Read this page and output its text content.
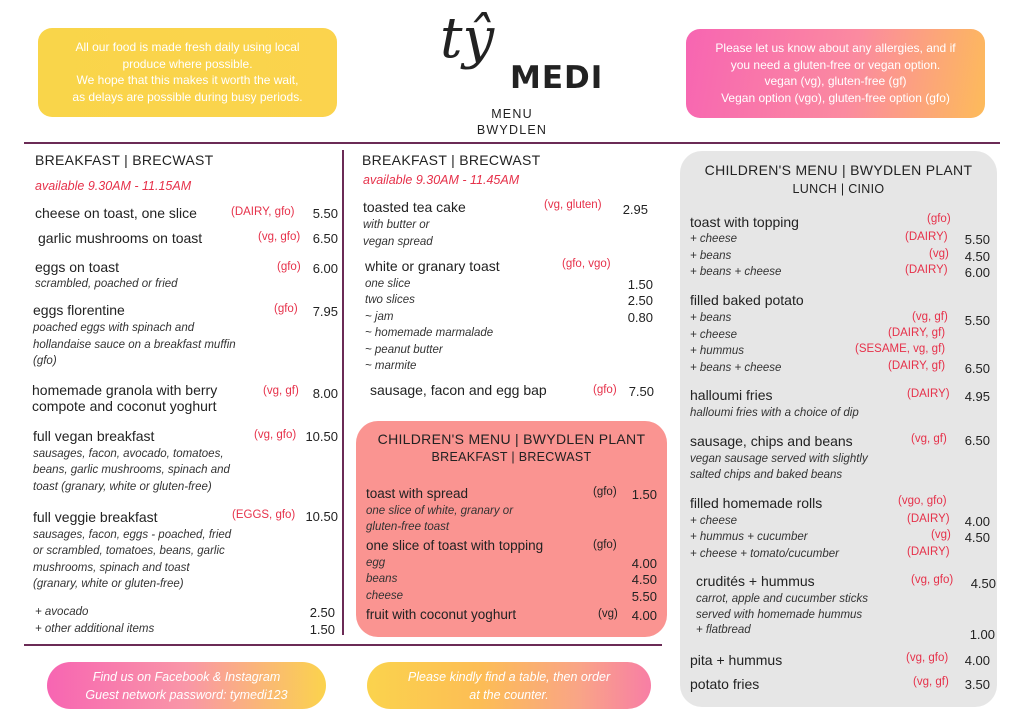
All our food is made fresh daily using local
produce where possible.
We hope that this makes it worth the wait,
as delays are possible during busy periods.
Please let us know about any allergies, and if
you need a gluten-free or vegan option.
vegan (vg), gluten-free (gf)
Vegan option (vgo), gluten-free option (gfo)
tŷ
MEDI
MENU
BWYDLEN
BREAKFAST | BRECWAST
available 9.30AM - 11.15AM
cheese on toast, one slice	(DAIRY, gfo)	5.50
garlic mushrooms on toast	(vg, gfo) 6.50
eggs on toast	(gfo) 6.00
scrambled, poached or fried
eggs florentine	(gfo)	7.95
poached eggs with spinach and
hollandaise sauce on a breakfast muffin
(gfo)
homemade granola with berry
compote and coconut yoghurt
(vg, gf)	8.00
full vegan breakfast	(vg, gfo) 10.50
sausages, facon, avocado, tomatoes,
beans, garlic mushrooms, spinach and
toast (granary, white or gluten-free)
full veggie breakfast	(EGGS, gfo) 10.50
sausages, facon, eggs - poached, fried
or scrambled, tomatoes, beans, garlic
mushrooms, spinach and toast
(granary, white or gluten-free)
+ avocado	2.50
+ other additional items	1.50
BREAKFAST | BRECWAST
available 9.30AM - 11.45AM
toasted tea cake	(vg, gluten)	2.95
with butter or
vegan spread
white or granary toast	(gfo, vgo)
one slice	1.50
two slices	2.50
~ jam	0.80
~ homemade marmalade
~ peanut butter
~ marmite
sausage, facon and egg bap	(gfo) 7.50
CHILDREN'S MENU | BWYDLEN PLANT
BREAKFAST | BRECWAST
toast with spread	(gfo)	1.50
one slice of white, granary or
gluten-free toast
one slice of toast with topping	(gfo)
egg	4.00
beans	4.50
cheese	5.50
fruit with coconut yoghurt	(vg)	4.00
CHILDREN'S MENU | BWYDLEN PLANT
LUNCH | CINIO
toast with topping	(gfo)
+ cheese	(DAIRY)	5.50
+ beans	(vg)	4.50
+ beans + cheese	(DAIRY)	6.00
filled baked potato
+ beans	(vg, gf)	5.50
+ cheese	(DAIRY, gf)
+ hummus	(SESAME, vg, gf)
+ beans + cheese	(DAIRY, gf)	6.50
halloumi fries	(DAIRY)	4.95
halloumi fries with a choice of dip
sausage, chips and beans	(vg, gf)	6.50
vegan sausage served with slightly
salted chips and baked beans
filled homemade rolls	(vgo, gfo)
+ cheese	(DAIRY)	4.00
+ hummus + cucumber	(vg)	4.50
+ cheese + tomato/cucumber	(DAIRY)
crudités + hummus	(vg, gfo)	4.50
carrot, apple and cucumber sticks
served with homemade hummus
+ flatbread	1.00
pita + hummus	(vg, gfo)	4.00
potato fries	(vg, gf)	3.50
Find us on Facebook & Instagram
Guest network password: tymedi123
Please kindly find a table, then order
at the counter.
